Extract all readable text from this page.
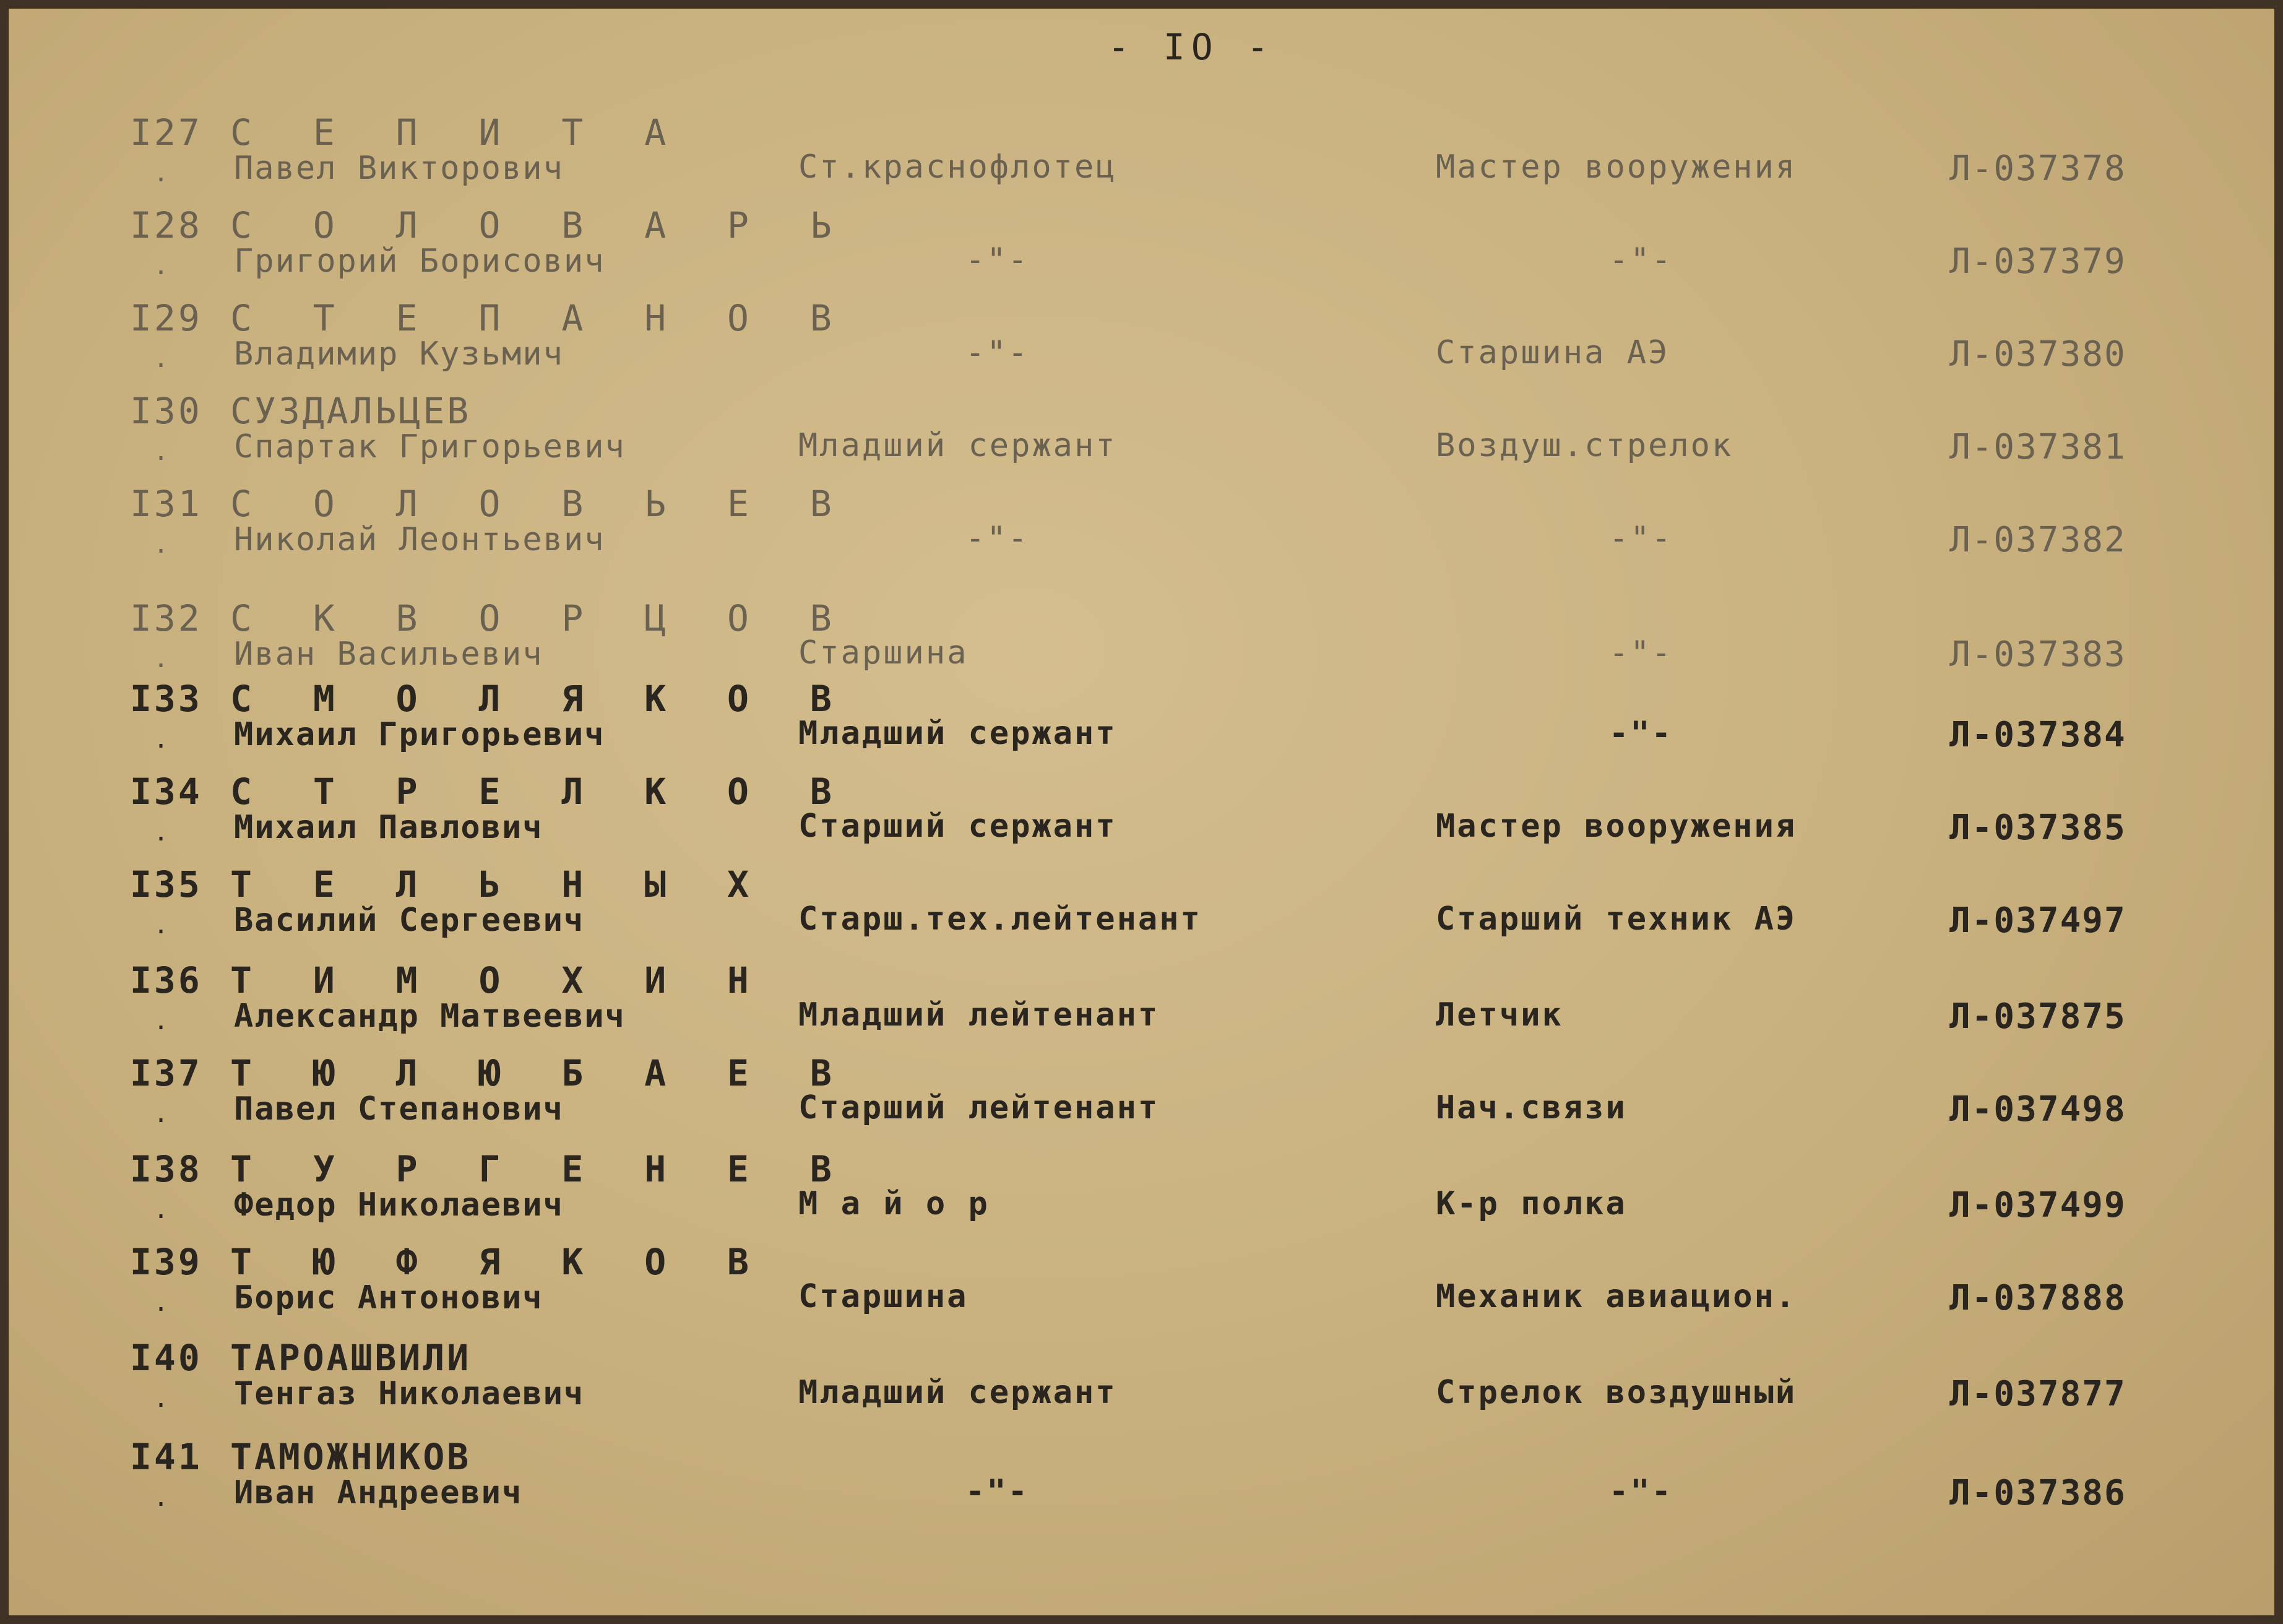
- IO -
I27 С Е П И Т А
Павел Викторович	Ст.краснофлотец	Мастер вооружения	Л-037378
·
I28 С О Л О В А Р Ь
Григорий Борисович	-"-	-"-	Л-037379
·
I29 С Т Е П А Н О В
Владимир Кузьмич	-"-	Старшина АЭ	Л-037380
·
I30 СУЗДАЛЬЦЕВ
Спартак Григорьевич	Младший сержант	Воздуш.стрелок	Л-037381
·
I31 С О Л О В Ь Е В
Николай Леонтьевич	-"-	-"-	Л-037382
·
I32 С К В О Р Ц О В
Иван Васильевич	Старшина	-"-	Л-037383
·
I33 С М О Л Я К О В
Михаил Григорьевич	Младший сержант	-"-	Л-037384
·
I34 С Т Р Е Л К О В
Михаил Павлович	Старший сержант	Мастер вооружения	Л-037385
·
I35 Т Е Л Ь Н Ы Х
Василий Сергеевич	Старш.тех.лейтенант	Старший техник АЭ	Л-037497
·
I36 Т И М О Х И Н
Александр Матвеевич	Младший лейтенант	Летчик	Л-037875
·
I37 Т Ю Л Ю Б А Е В
Павел Степанович	Старший лейтенант	Нач.связи	Л-037498
·
I38 Т У Р Г Е Н Е В
Федор Николаевич	М а й о р	К-р полка	Л-037499
·
I39 Т Ю Ф Я К О В
Борис Антонович	Старшина	Механик авиацион.	Л-037888
·
I40 ТАРОАШВИЛИ
Тенгаз Николаевич	Младший сержант	Стрелок воздушный	Л-037877
·
I41 ТАМОЖНИКОВ
Иван Андреевич	-"-	-"-	Л-037386
·
